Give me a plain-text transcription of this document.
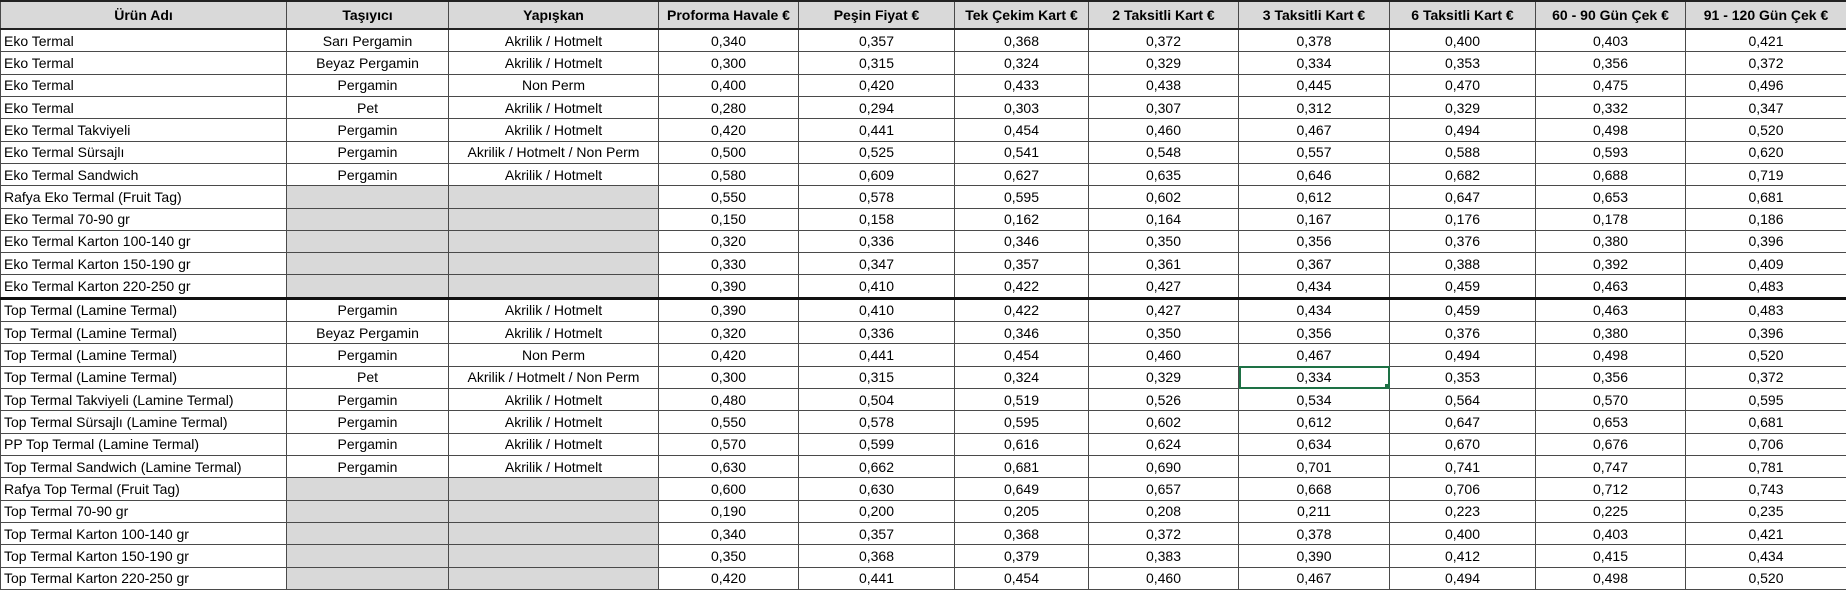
Ürün Adı	Taşıyıcı	Yapışkan	Proforma Havale €	Peşin Fiyat €	Tek Çekim Kart €	2 Taksitli Kart €	3 Taksitli Kart €	6 Taksitli Kart €	60 - 90 Gün Çek €	91 - 120 Gün Çek €
Eko Termal	Sarı Pergamin	Akrilik / Hotmelt	0,340	0,357	0,368	0,372	0,378	0,400	0,403	0,421
Eko Termal	Beyaz Pergamin	Akrilik / Hotmelt	0,300	0,315	0,324	0,329	0,334	0,353	0,356	0,372
Eko Termal	Pergamin	Non Perm	0,400	0,420	0,433	0,438	0,445	0,470	0,475	0,496
Eko Termal	Pet	Akrilik / Hotmelt	0,280	0,294	0,303	0,307	0,312	0,329	0,332	0,347
Eko Termal Takviyeli	Pergamin	Akrilik / Hotmelt	0,420	0,441	0,454	0,460	0,467	0,494	0,498	0,520
Eko Termal Sürsajlı	Pergamin	Akrilik / Hotmelt / Non Perm	0,500	0,525	0,541	0,548	0,557	0,588	0,593	0,620
Eko Termal Sandwich	Pergamin	Akrilik / Hotmelt	0,580	0,609	0,627	0,635	0,646	0,682	0,688	0,719
Rafya Eko Termal (Fruit Tag)			0,550	0,578	0,595	0,602	0,612	0,647	0,653	0,681
Eko Termal 70-90 gr			0,150	0,158	0,162	0,164	0,167	0,176	0,178	0,186
Eko Termal Karton 100-140 gr			0,320	0,336	0,346	0,350	0,356	0,376	0,380	0,396
Eko Termal Karton 150-190 gr			0,330	0,347	0,357	0,361	0,367	0,388	0,392	0,409
Eko Termal Karton 220-250 gr			0,390	0,410	0,422	0,427	0,434	0,459	0,463	0,483
Top Termal (Lamine Termal)	Pergamin	Akrilik / Hotmelt	0,390	0,410	0,422	0,427	0,434	0,459	0,463	0,483
Top Termal (Lamine Termal)	Beyaz Pergamin	Akrilik / Hotmelt	0,320	0,336	0,346	0,350	0,356	0,376	0,380	0,396
Top Termal (Lamine Termal)	Pergamin	Non Perm	0,420	0,441	0,454	0,460	0,467	0,494	0,498	0,520
Top Termal (Lamine Termal)	Pet	Akrilik / Hotmelt / Non Perm	0,300	0,315	0,324	0,329	0,334	0,353	0,356	0,372
Top Termal Takviyeli (Lamine Termal)	Pergamin	Akrilik / Hotmelt	0,480	0,504	0,519	0,526	0,534	0,564	0,570	0,595
Top Termal Sürsajlı (Lamine Termal)	Pergamin	Akrilik / Hotmelt	0,550	0,578	0,595	0,602	0,612	0,647	0,653	0,681
PP Top Termal (Lamine Termal)	Pergamin	Akrilik / Hotmelt	0,570	0,599	0,616	0,624	0,634	0,670	0,676	0,706
Top Termal Sandwich (Lamine Termal)	Pergamin	Akrilik / Hotmelt	0,630	0,662	0,681	0,690	0,701	0,741	0,747	0,781
Rafya Top Termal (Fruit Tag)			0,600	0,630	0,649	0,657	0,668	0,706	0,712	0,743
Top Termal 70-90 gr			0,190	0,200	0,205	0,208	0,211	0,223	0,225	0,235
Top Termal Karton 100-140 gr			0,340	0,357	0,368	0,372	0,378	0,400	0,403	0,421
Top Termal Karton 150-190 gr			0,350	0,368	0,379	0,383	0,390	0,412	0,415	0,434
Top Termal Karton 220-250 gr			0,420	0,441	0,454	0,460	0,467	0,494	0,498	0,520
